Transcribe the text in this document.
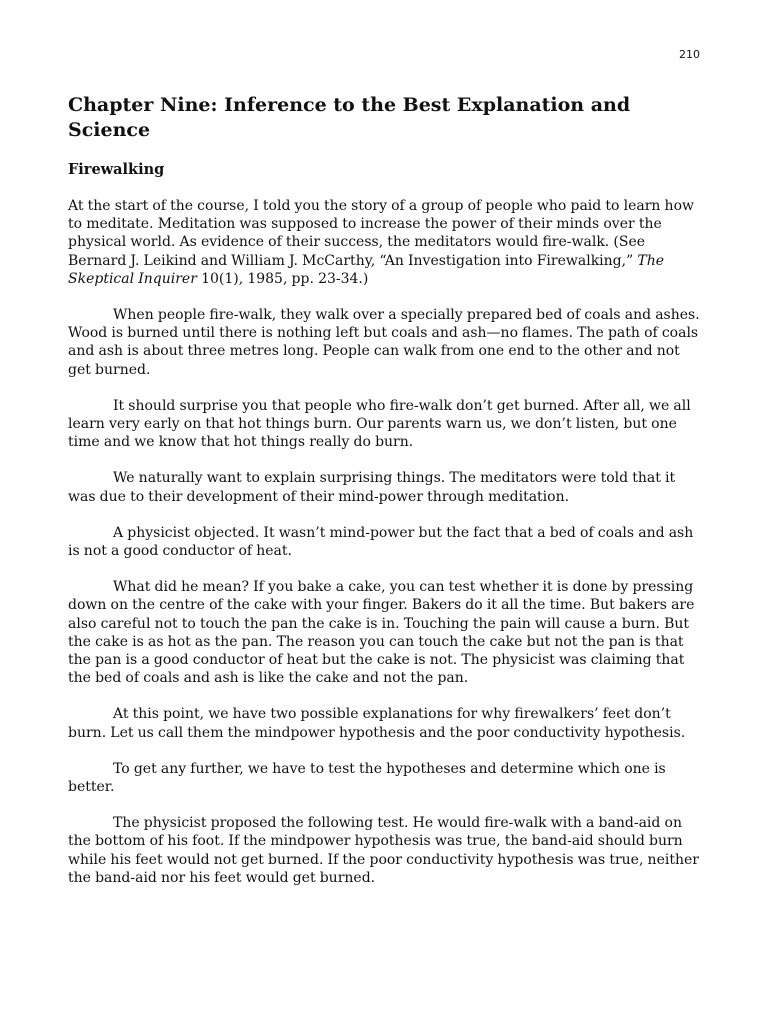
210
Chapter Nine: Inference to the Best Explanation and Science
Firewalking

At the start of the course, I told you the story of a group of people who paid to learn how to meditate. Meditation was supposed to increase the power of their minds over the physical world. As evidence of their success, the meditators would fire-walk. (See Bernard J. Leikind and William J. McCarthy, “An Investigation into Firewalking,” The Skeptical Inquirer 10(1), 1985, pp. 23-34.)

When people fire-walk, they walk over a specially prepared bed of coals and ashes. Wood is burned until there is nothing left but coals and ash—no flames. The path of coals and ash is about three metres long. People can walk from one end to the other and not get burned.

It should surprise you that people who fire-walk don’t get burned. After all, we all learn very early on that hot things burn. Our parents warn us, we don’t listen, but one time and we know that hot things really do burn.

We naturally want to explain surprising things. The meditators were told that it was due to their development of their mind-power through meditation.

A physicist objected. It wasn’t mind-power but the fact that a bed of coals and ash is not a good conductor of heat.

What did he mean? If you bake a cake, you can test whether it is done by pressing down on the centre of the cake with your finger. Bakers do it all the time. But bakers are also careful not to touch the pan the cake is in. Touching the pain will cause a burn. But the cake is as hot as the pan. The reason you can touch the cake but not the pan is that the pan is a good conductor of heat but the cake is not. The physicist was claiming that the bed of coals and ash is like the cake and not the pan.

At this point, we have two possible explanations for why firewalkers’ feet don’t burn. Let us call them the mindpower hypothesis and the poor conductivity hypothesis.

To get any further, we have to test the hypotheses and determine which one is better.

The physicist proposed the following test. He would fire-walk with a band-aid on the bottom of his foot. If the mindpower hypothesis was true, the band-aid should burn while his feet would not get burned. If the poor conductivity hypothesis was true, neither the band-aid nor his feet would get burned.
